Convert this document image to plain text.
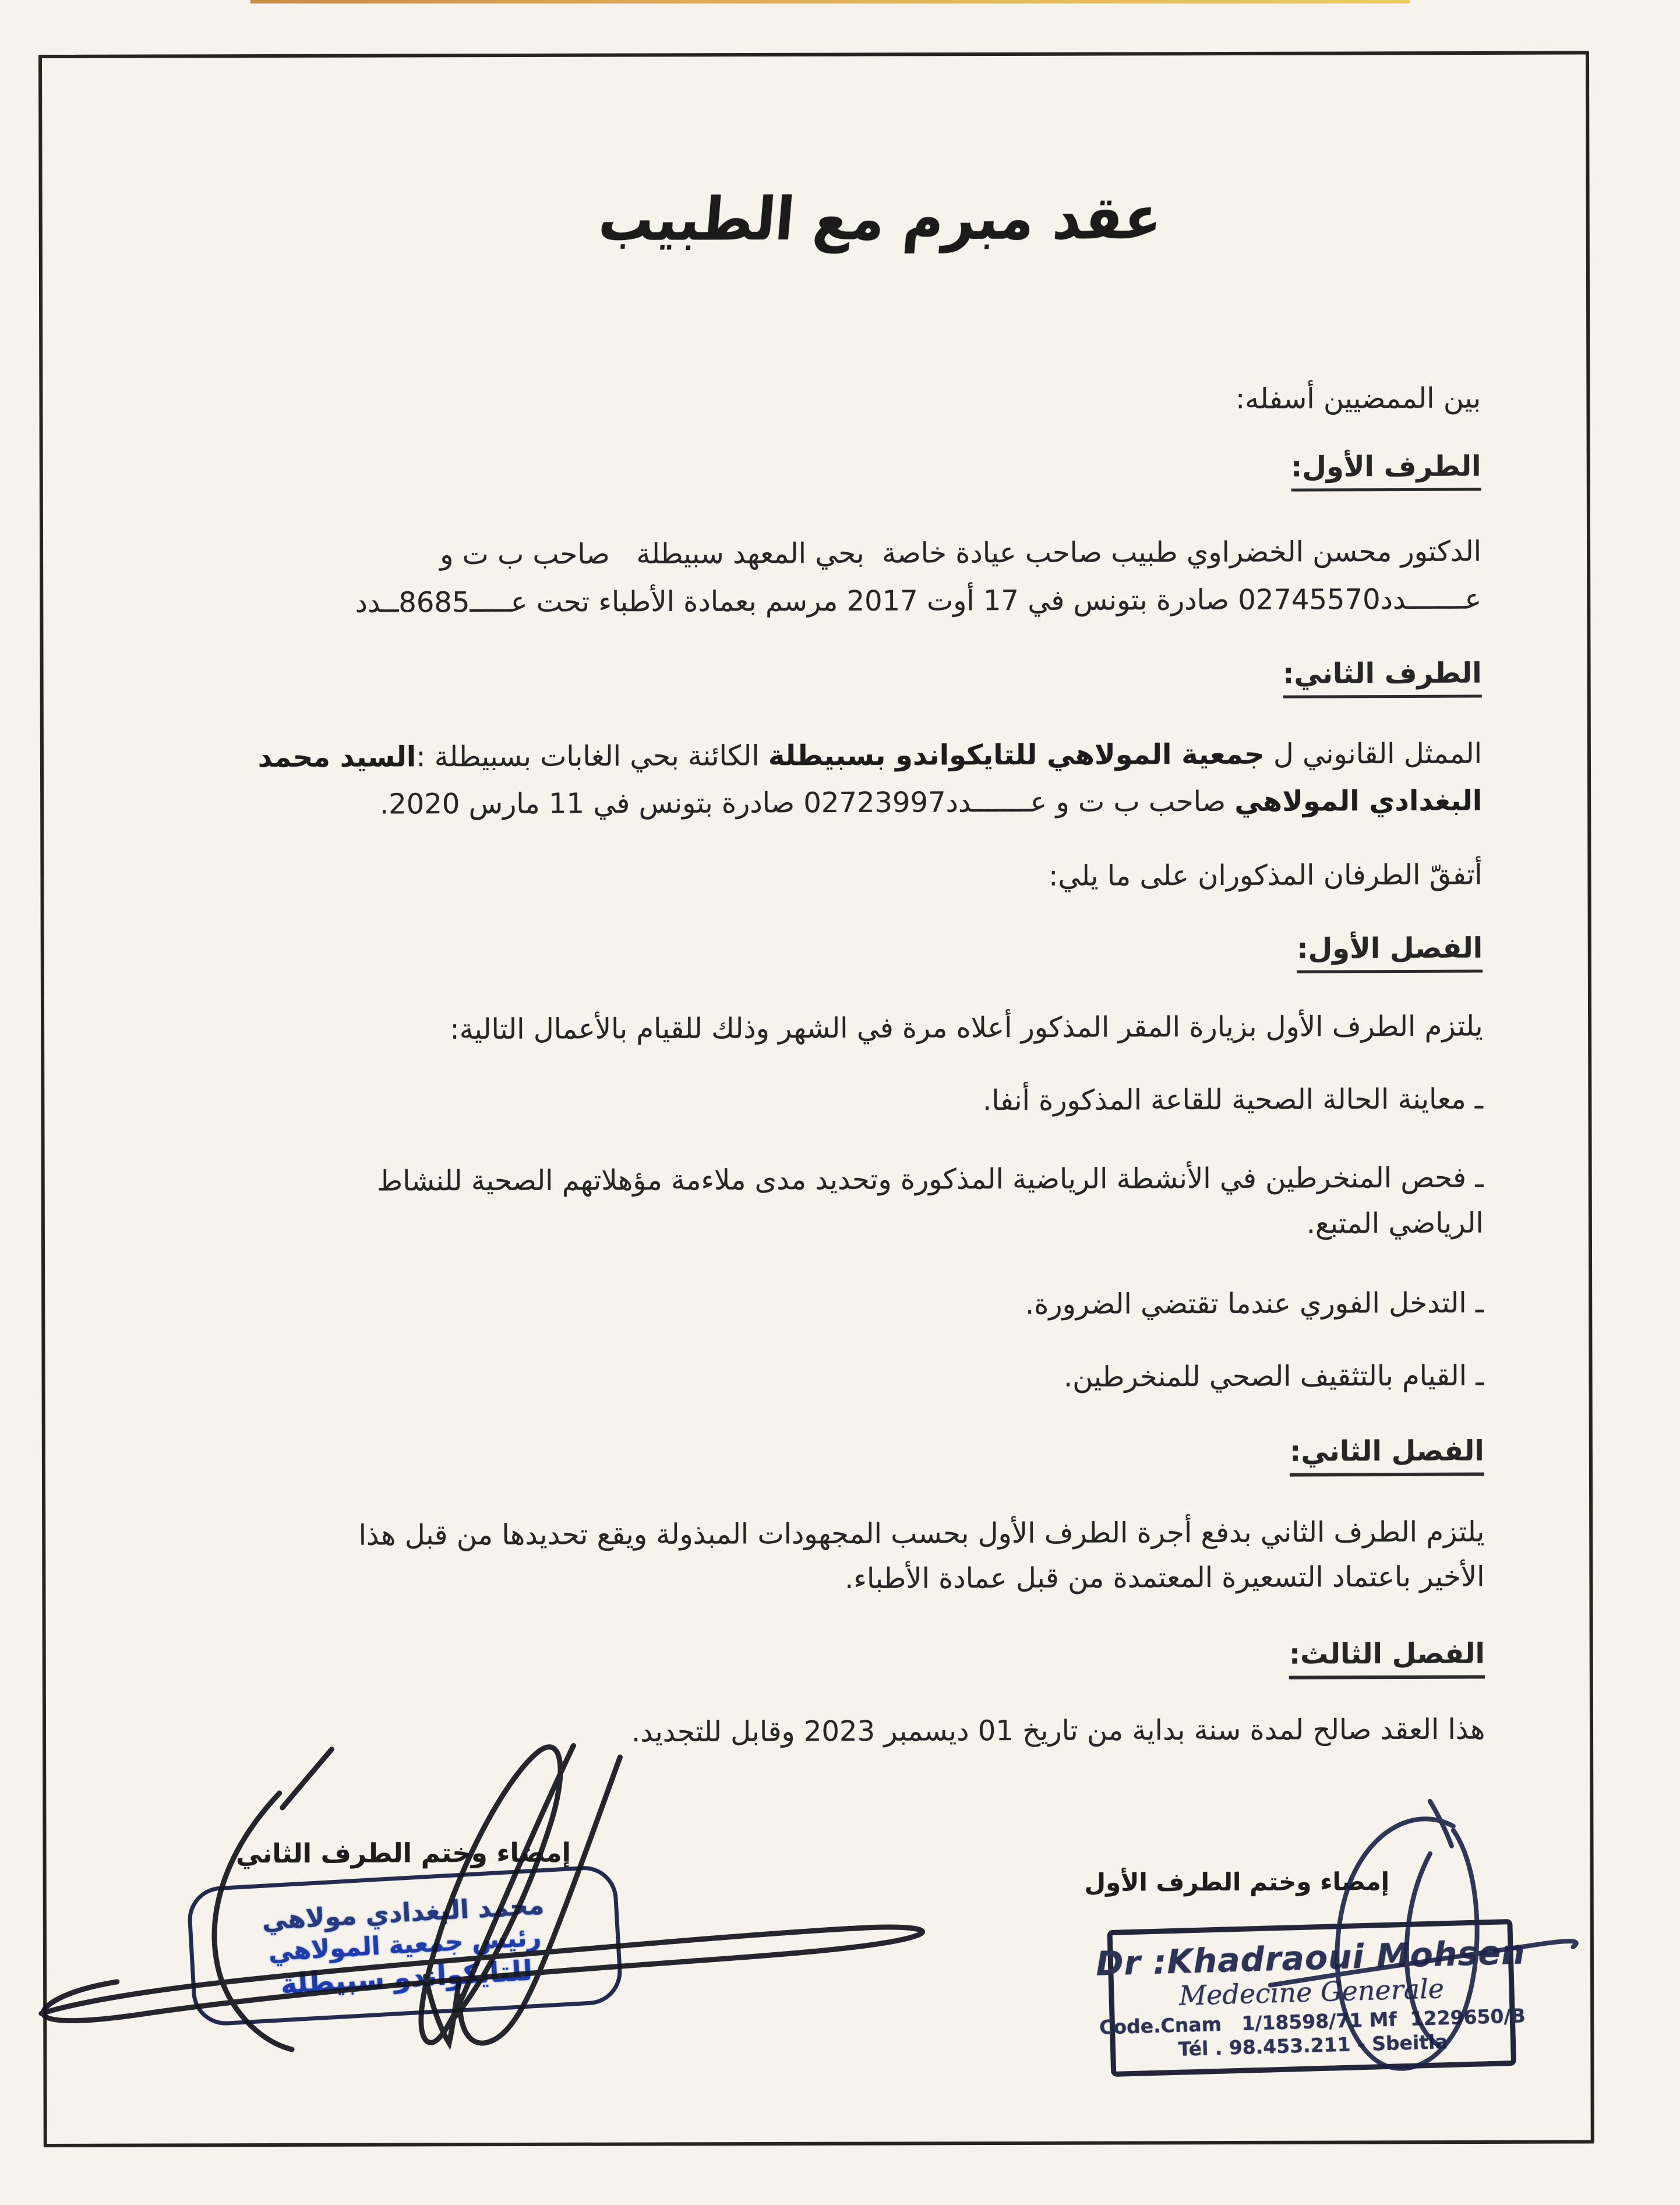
عقد مبرم مع الطبيب
بين الممضيين أسفله:
الطرف الأول:
الدكتور محسن الخضراوي طبيب صاحب عيادة خاصة  بحي المعهد سبيطلة   صاحب ب ت و
عـــــــدد02745570 صادرة بتونس في 17 أوت 2017 مرسم بعمادة الأطباء تحت عـــــ8685ــدد
الطرف الثاني:
الممثل القانوني ل جمعية المولاهي للتايكواندو بسبيطلة الكائنة بحي الغابات بسبيطلة :السيد محمد
البغدادي المولاهي صاحب ب ت و عـــــــدد02723997 صادرة بتونس في 11 مارس 2020.
أتفقّ الطرفان المذكوران على ما يلي:
الفصل الأول:
يلتزم الطرف الأول بزيارة المقر المذكور أعلاه مرة في الشهر وذلك للقيام بالأعمال التالية:
ـ معاينة الحالة الصحية للقاعة المذكورة أنفا.
ـ فحص المنخرطين في الأنشطة الرياضية المذكورة وتحديد مدى ملاءمة مؤهلاتهم الصحية للنشاط
الرياضي المتبع.
ـ التدخل الفوري عندما تقتضي الضرورة.
ـ القيام بالتثقيف الصحي للمنخرطين.
الفصل الثاني:
يلتزم الطرف الثاني بدفع أجرة الطرف الأول بحسب المجهودات المبذولة ويقع تحديدها من قبل هذا
الأخير باعتماد التسعيرة المعتمدة من قبل عمادة الأطباء.
الفصل الثالث:
هذا العقد صالح لمدة سنة بداية من تاريخ 01 ديسمبر 2023 وقابل للتجديد.
إمضاء وختم الطرف الثاني
محمد البغدادي مولاهي
رئيس جمعية المولاهي
للتايكواندو سبيطلة
إمضاء وختم الطرف الأول
Dr :Khadraoui Mohsen
Medecine Generale
Code.Cnam   1/18598/71 Mf  1229650/B
Tél . 98.453.211 - Sbeitla
